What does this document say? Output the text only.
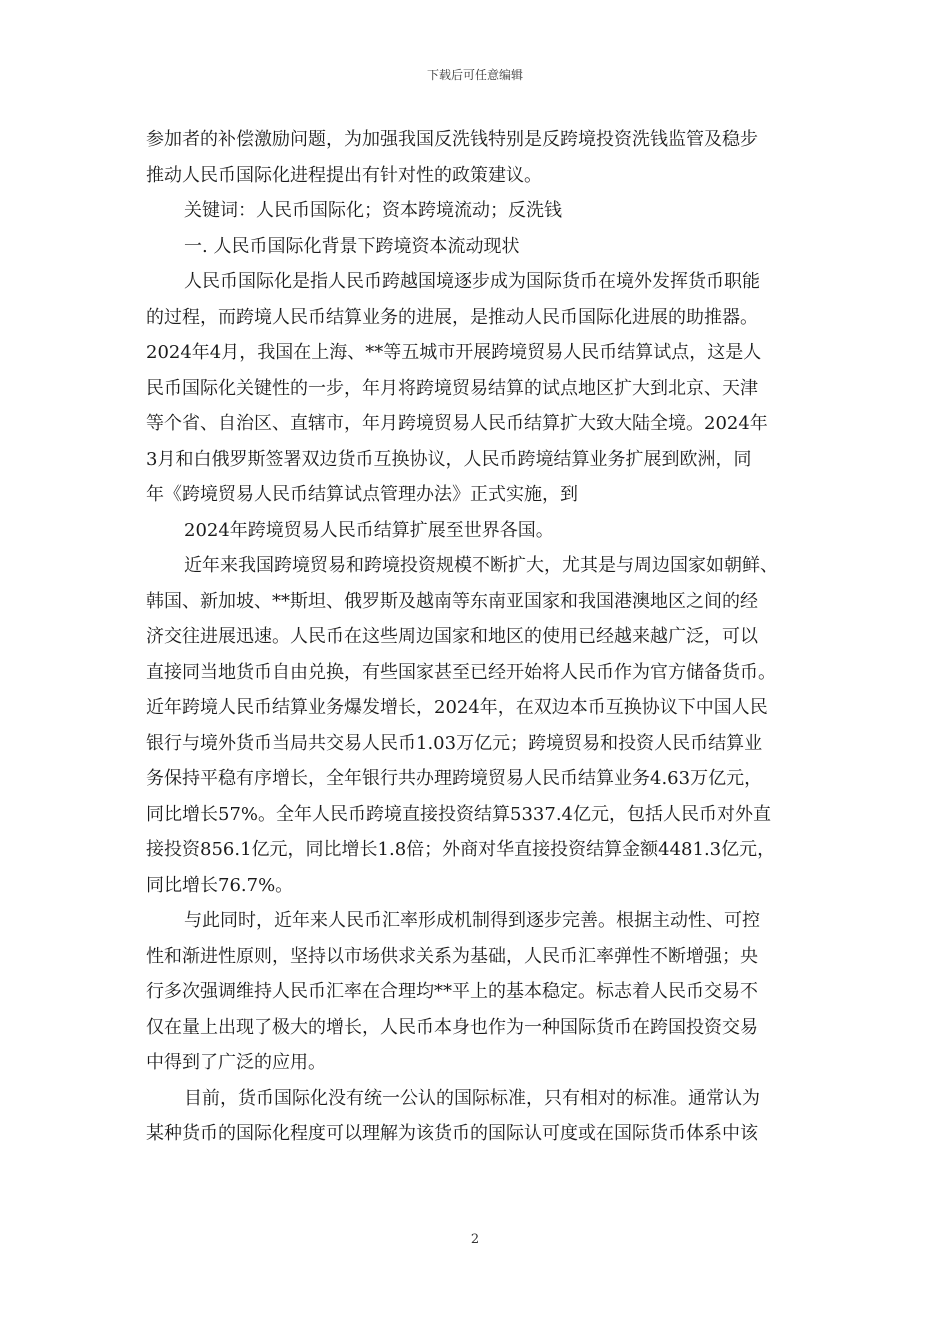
下载后可任意编辑
参加者的补偿激励问题，为加强我国反洗钱特别是反跨境投资洗钱监管及稳步
推动人民币国际化进程提出有针对性的政策建议。
关键词：人民币国际化；资本跨境流动；反洗钱
一. 人民币国际化背景下跨境资本流动现状
人民币国际化是指人民币跨越国境逐步成为国际货币在境外发挥货币职能
的过程，而跨境人民币结算业务的进展，是推动人民币国际化进展的助推器。
2024年4月，我国在上海、**等五城市开展跨境贸易人民币结算试点，这是人
民币国际化关键性的一步，年月将跨境贸易结算的试点地区扩大到北京、天津
等个省、自治区、直辖市，年月跨境贸易人民币结算扩大致大陆全境。2024年
3月和白俄罗斯签署双边货币互换协议，人民币跨境结算业务扩展到欧洲，同
年《跨境贸易人民币结算试点管理办法》正式实施，到
2024年跨境贸易人民币结算扩展至世界各国。
近年来我国跨境贸易和跨境投资规模不断扩大，尤其是与周边国家如朝鲜、
韩国、新加坡、**斯坦、俄罗斯及越南等东南亚国家和我国港澳地区之间的经
济交往进展迅速。人民币在这些周边国家和地区的使用已经越来越广泛，可以
直接同当地货币自由兑换，有些国家甚至已经开始将人民币作为官方储备货币。
近年跨境人民币结算业务爆发增长，2024年，在双边本币互换协议下中国人民
银行与境外货币当局共交易人民币1.03万亿元；跨境贸易和投资人民币结算业
务保持平稳有序增长，全年银行共办理跨境贸易人民币结算业务4.63万亿元，
同比增长57%。全年人民币跨境直接投资结算5337.4亿元，包括人民币对外直
接投资856.1亿元，同比增长1.8倍；外商对华直接投资结算金额4481.3亿元，
同比增长76.7%。
与此同时，近年来人民币汇率形成机制得到逐步完善。根据主动性、可控
性和渐进性原则，坚持以市场供求关系为基础，人民币汇率弹性不断增强；央
行多次强调维持人民币汇率在合理均**平上的基本稳定。标志着人民币交易不
仅在量上出现了极大的增长，人民币本身也作为一种国际货币在跨国投资交易
中得到了广泛的应用。
目前，货币国际化没有统一公认的国际标准，只有相对的标准。通常认为
某种货币的国际化程度可以理解为该货币的国际认可度或在国际货币体系中该
2
